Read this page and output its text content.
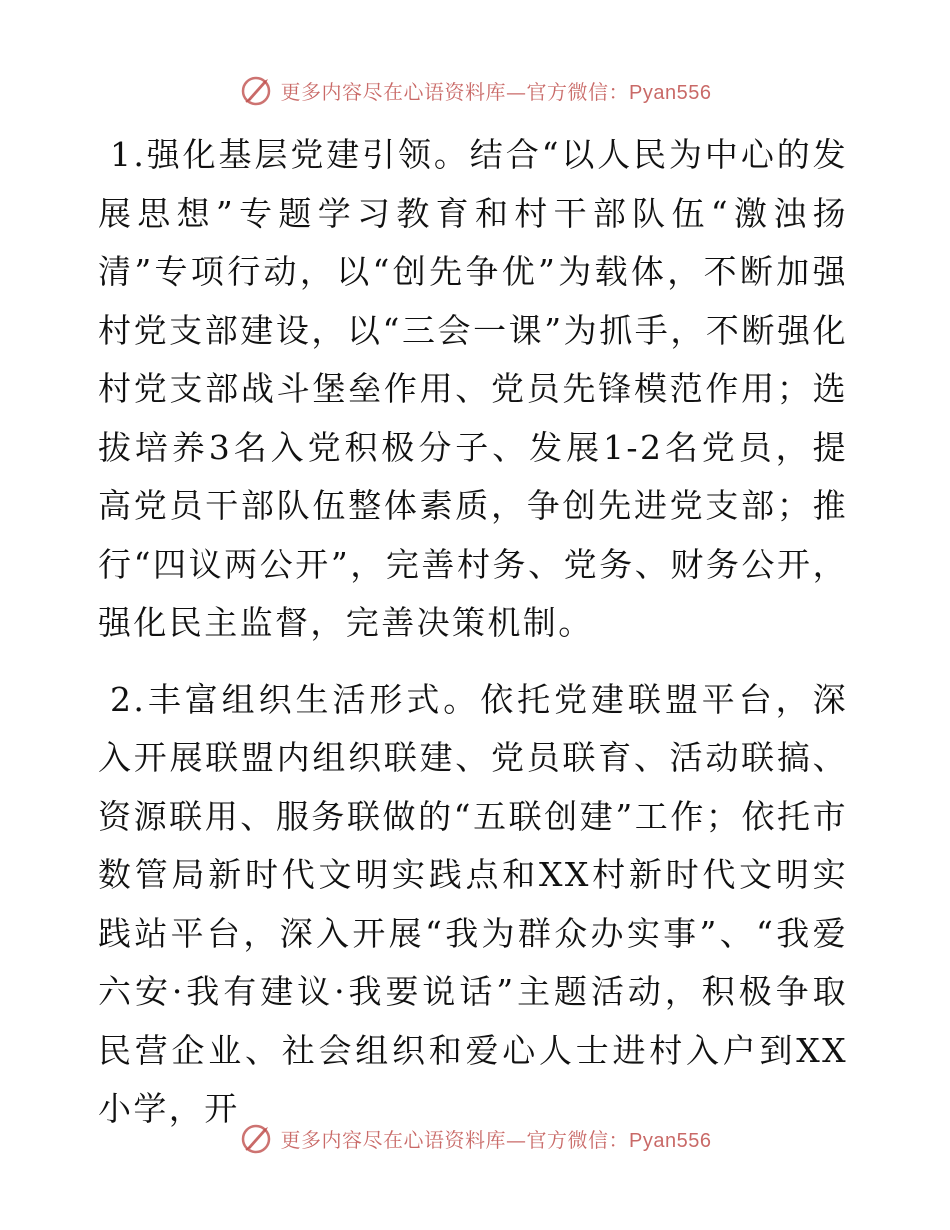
更多内容尽在心语资料库—官方微信：Pyan556

1.强化基层党建引领。结合“以人民为中心的发展思想”专题学习教育和村干部队伍“激浊扬清”专项行动，以“创先争优”为载体，不断加强村党支部建设，以“三会一课”为抓手，不断强化村党支部战斗堡垒作用、党员先锋模范作用；选拔培养3名入党积极分子、发展1-2名党员，提高党员干部队伍整体素质，争创先进党支部；推行“四议两公开”，完善村务、党务、财务公开，强化民主监督，完善决策机制。

2.丰富组织生活形式。依托党建联盟平台，深入开展联盟内组织联建、党员联育、活动联搞、资源联用、服务联做的“五联创建”工作；依托市数管局新时代文明实践点和XX村新时代文明实践站平台，深入开展“我为群众办实事”、“我爱六安·我有建议·我要说话”主题活动，积极争取民营企业、社会组织和爱心人士进村入户到XX小学，开

更多内容尽在心语资料库—官方微信：Pyan556
